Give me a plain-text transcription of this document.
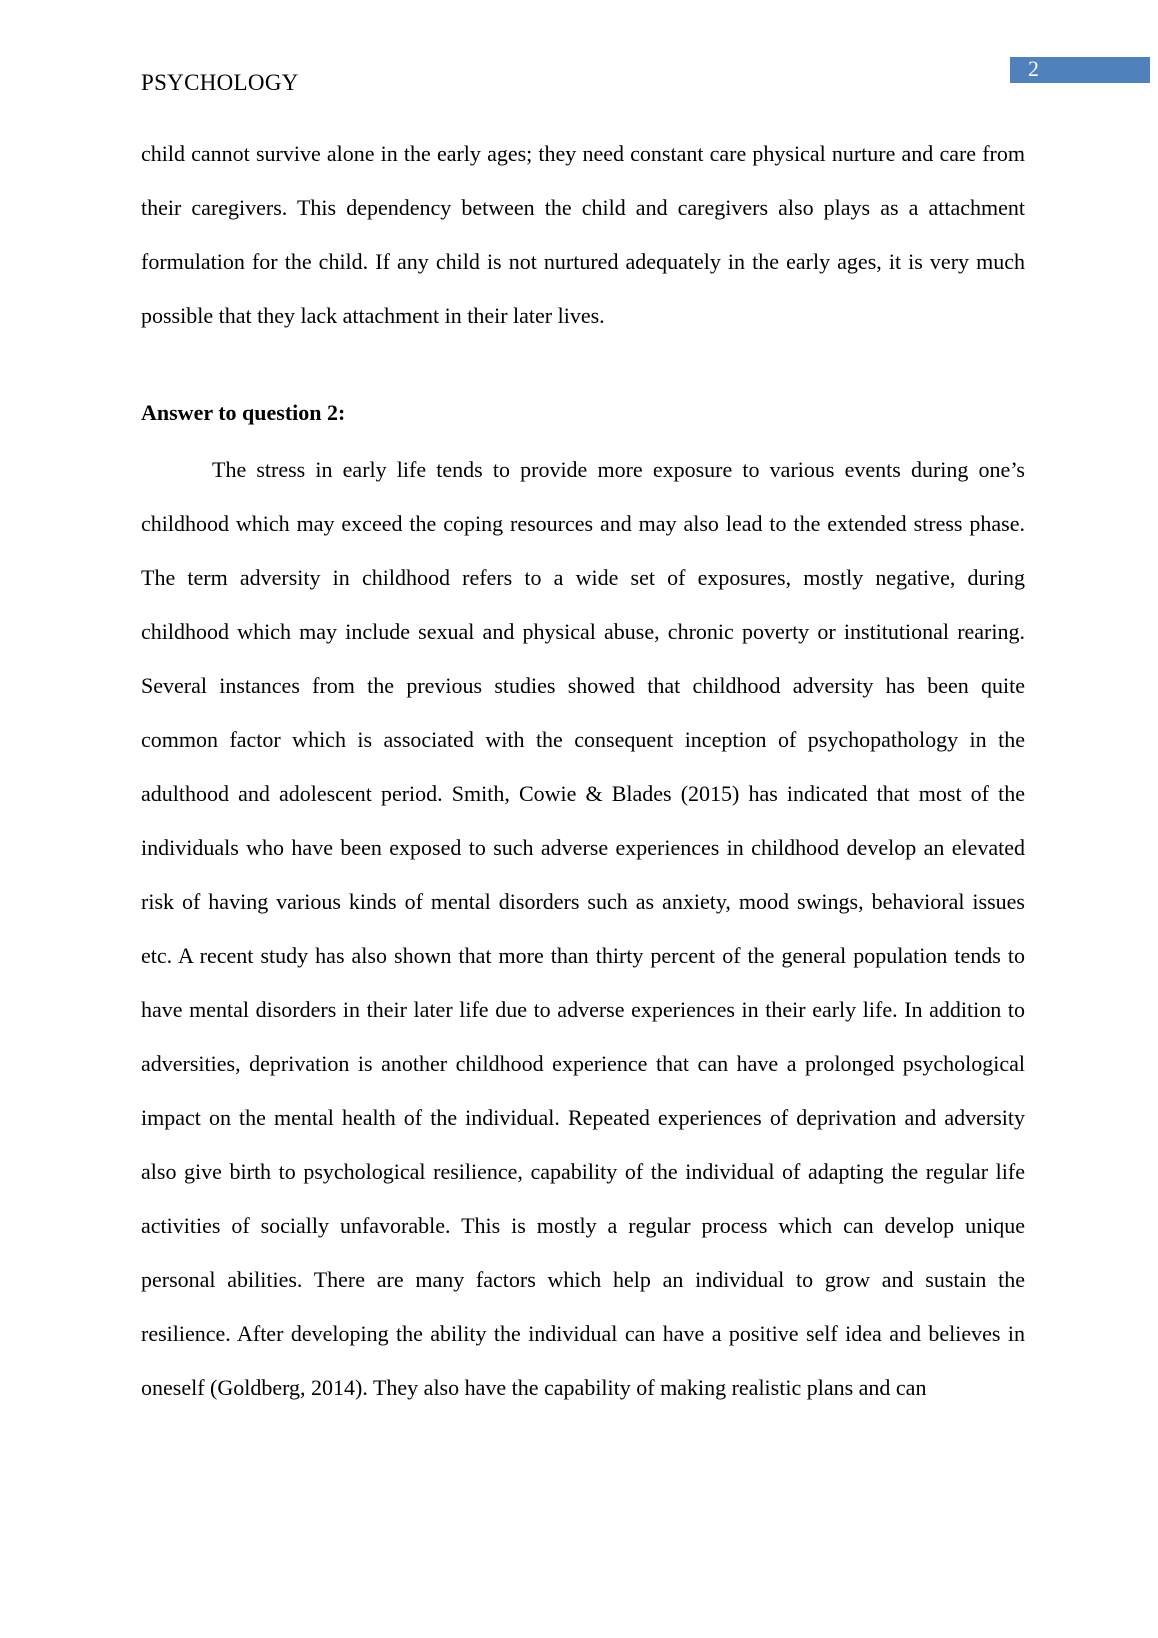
PSYCHOLOGY
2

child cannot survive alone in the early ages; they need constant care physical nurture and care from their caregivers. This dependency between the child and caregivers also plays as a attachment formulation for the child. If any child is not nurtured adequately in the early ages, it is very much possible that they lack attachment in their later lives.

Answer to question 2:

The stress in early life tends to provide more exposure to various events during one’s childhood which may exceed the coping resources and may also lead to the extended stress phase. The term adversity in childhood refers to a wide set of exposures, mostly negative, during childhood which may include sexual and physical abuse, chronic poverty or institutional rearing. Several instances from the previous studies showed that childhood adversity has been quite common factor which is associated with the consequent inception of psychopathology in the adulthood and adolescent period. Smith, Cowie & Blades (2015) has indicated that most of the individuals who have been exposed to such adverse experiences in childhood develop an elevated risk of having various kinds of mental disorders such as anxiety, mood swings, behavioral issues etc. A recent study has also shown that more than thirty percent of the general population tends to have mental disorders in their later life due to adverse experiences in their early life. In addition to adversities, deprivation is another childhood experience that can have a prolonged psychological impact on the mental health of the individual. Repeated experiences of deprivation and adversity also give birth to psychological resilience, capability of the individual of adapting the regular life activities of socially unfavorable. This is mostly a regular process which can develop unique personal abilities. There are many factors which help an individual to grow and sustain the resilience. After developing the ability the individual can have a positive self idea and believes in oneself (Goldberg, 2014). They also have the capability of making realistic plans and can
